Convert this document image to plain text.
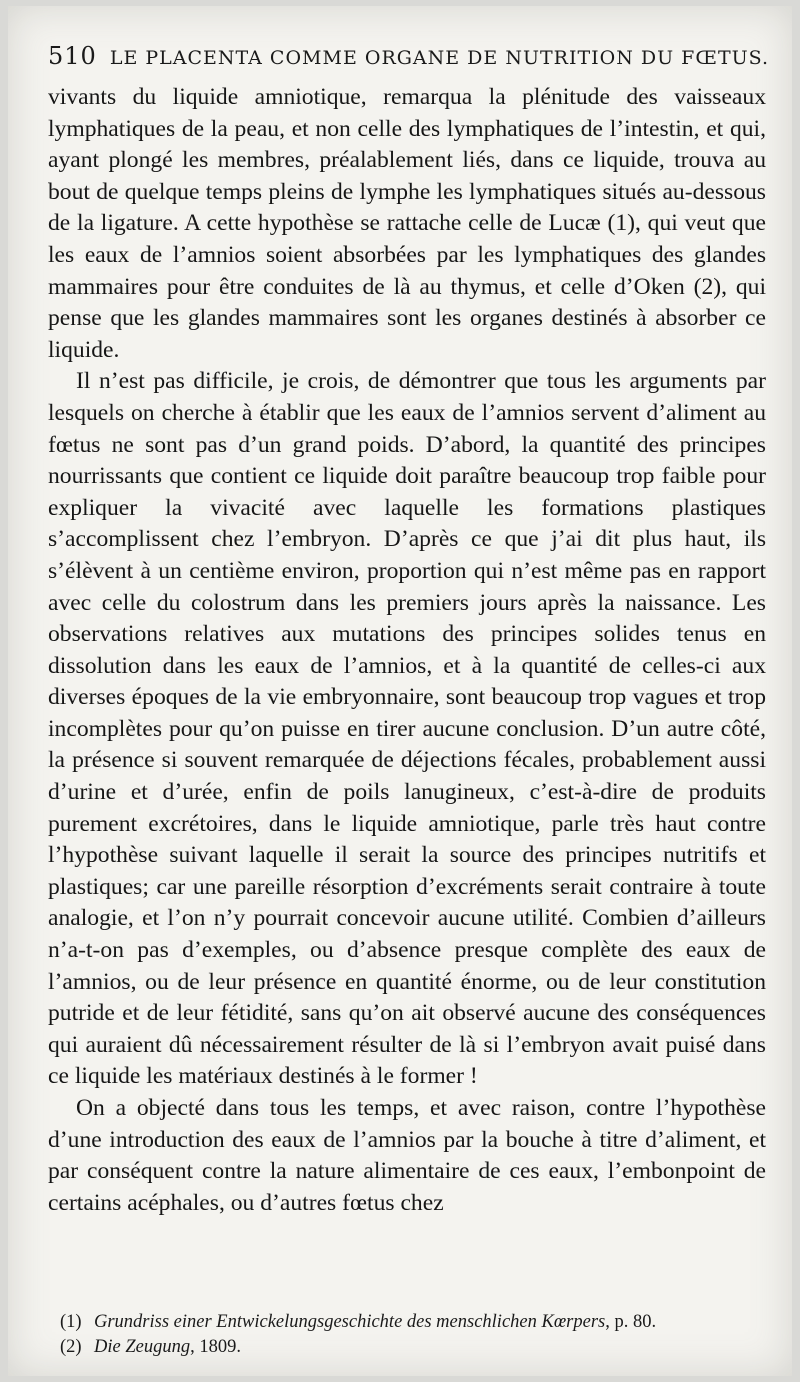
510 LE PLACENTA COMME ORGANE DE NUTRITION DU FŒTUS.

vivants du liquide amniotique, remarqua la plénitude des vaisseaux lymphatiques de la peau, et non celle des lymphatiques de l’intestin, et qui, ayant plongé les membres, préalablement liés, dans ce liquide, trouva au bout de quelque temps pleins de lymphe les lymphatiques situés au-dessous de la ligature. A cette hypothèse se rattache celle de Lucæ (1), qui veut que les eaux de l’amnios soient absorbées par les lymphatiques des glandes mammaires pour être conduites de là au thymus, et celle d’Oken (2), qui pense que les glandes mammaires sont les organes destinés à absorber ce liquide.

Il n’est pas difficile, je crois, de démontrer que tous les arguments par lesquels on cherche à établir que les eaux de l’amnios servent d’aliment au fœtus ne sont pas d’un grand poids. D’abord, la quantité des principes nourrissants que contient ce liquide doit paraître beaucoup trop faible pour expliquer la vivacité avec laquelle les formations plastiques s’accomplissent chez l’embryon. D’après ce que j’ai dit plus haut, ils s’élèvent à un centième environ, proportion qui n’est même pas en rapport avec celle du colostrum dans les premiers jours après la naissance. Les observations relatives aux mutations des principes solides tenus en dissolution dans les eaux de l’amnios, et à la quantité de celles-ci aux diverses époques de la vie embryonnaire, sont beaucoup trop vagues et trop incomplètes pour qu’on puisse en tirer aucune conclusion. D’un autre côté, la présence si souvent remarquée de déjections fécales, probablement aussi d’urine et d’urée, enfin de poils lanugineux, c’est-à-dire de produits purement excrétoires, dans le liquide amniotique, parle très haut contre l’hypothèse suivant laquelle il serait la source des principes nutritifs et plastiques; car une pareille résorption d’excréments serait contraire à toute analogie, et l’on n’y pourrait concevoir aucune utilité. Combien d’ailleurs n’a-t-on pas d’exemples, ou d’absence presque complète des eaux de l’amnios, ou de leur présence en quantité énorme, ou de leur constitution putride et de leur fétidité, sans qu’on ait observé aucune des conséquences qui auraient dû nécessairement résulter de là si l’embryon avait puisé dans ce liquide les matériaux destinés à le former !

On a objecté dans tous les temps, et avec raison, contre l’hypothèse d’une introduction des eaux de l’amnios par la bouche à titre d’aliment, et par conséquent contre la nature alimentaire de ces eaux, l’embonpoint de certains acéphales, ou d’autres fœtus chez

(1) Grundriss einer Entwickelungsgeschichte des menschlichen Kœrpers, p. 80.
(2) Die Zeugung, 1809.
